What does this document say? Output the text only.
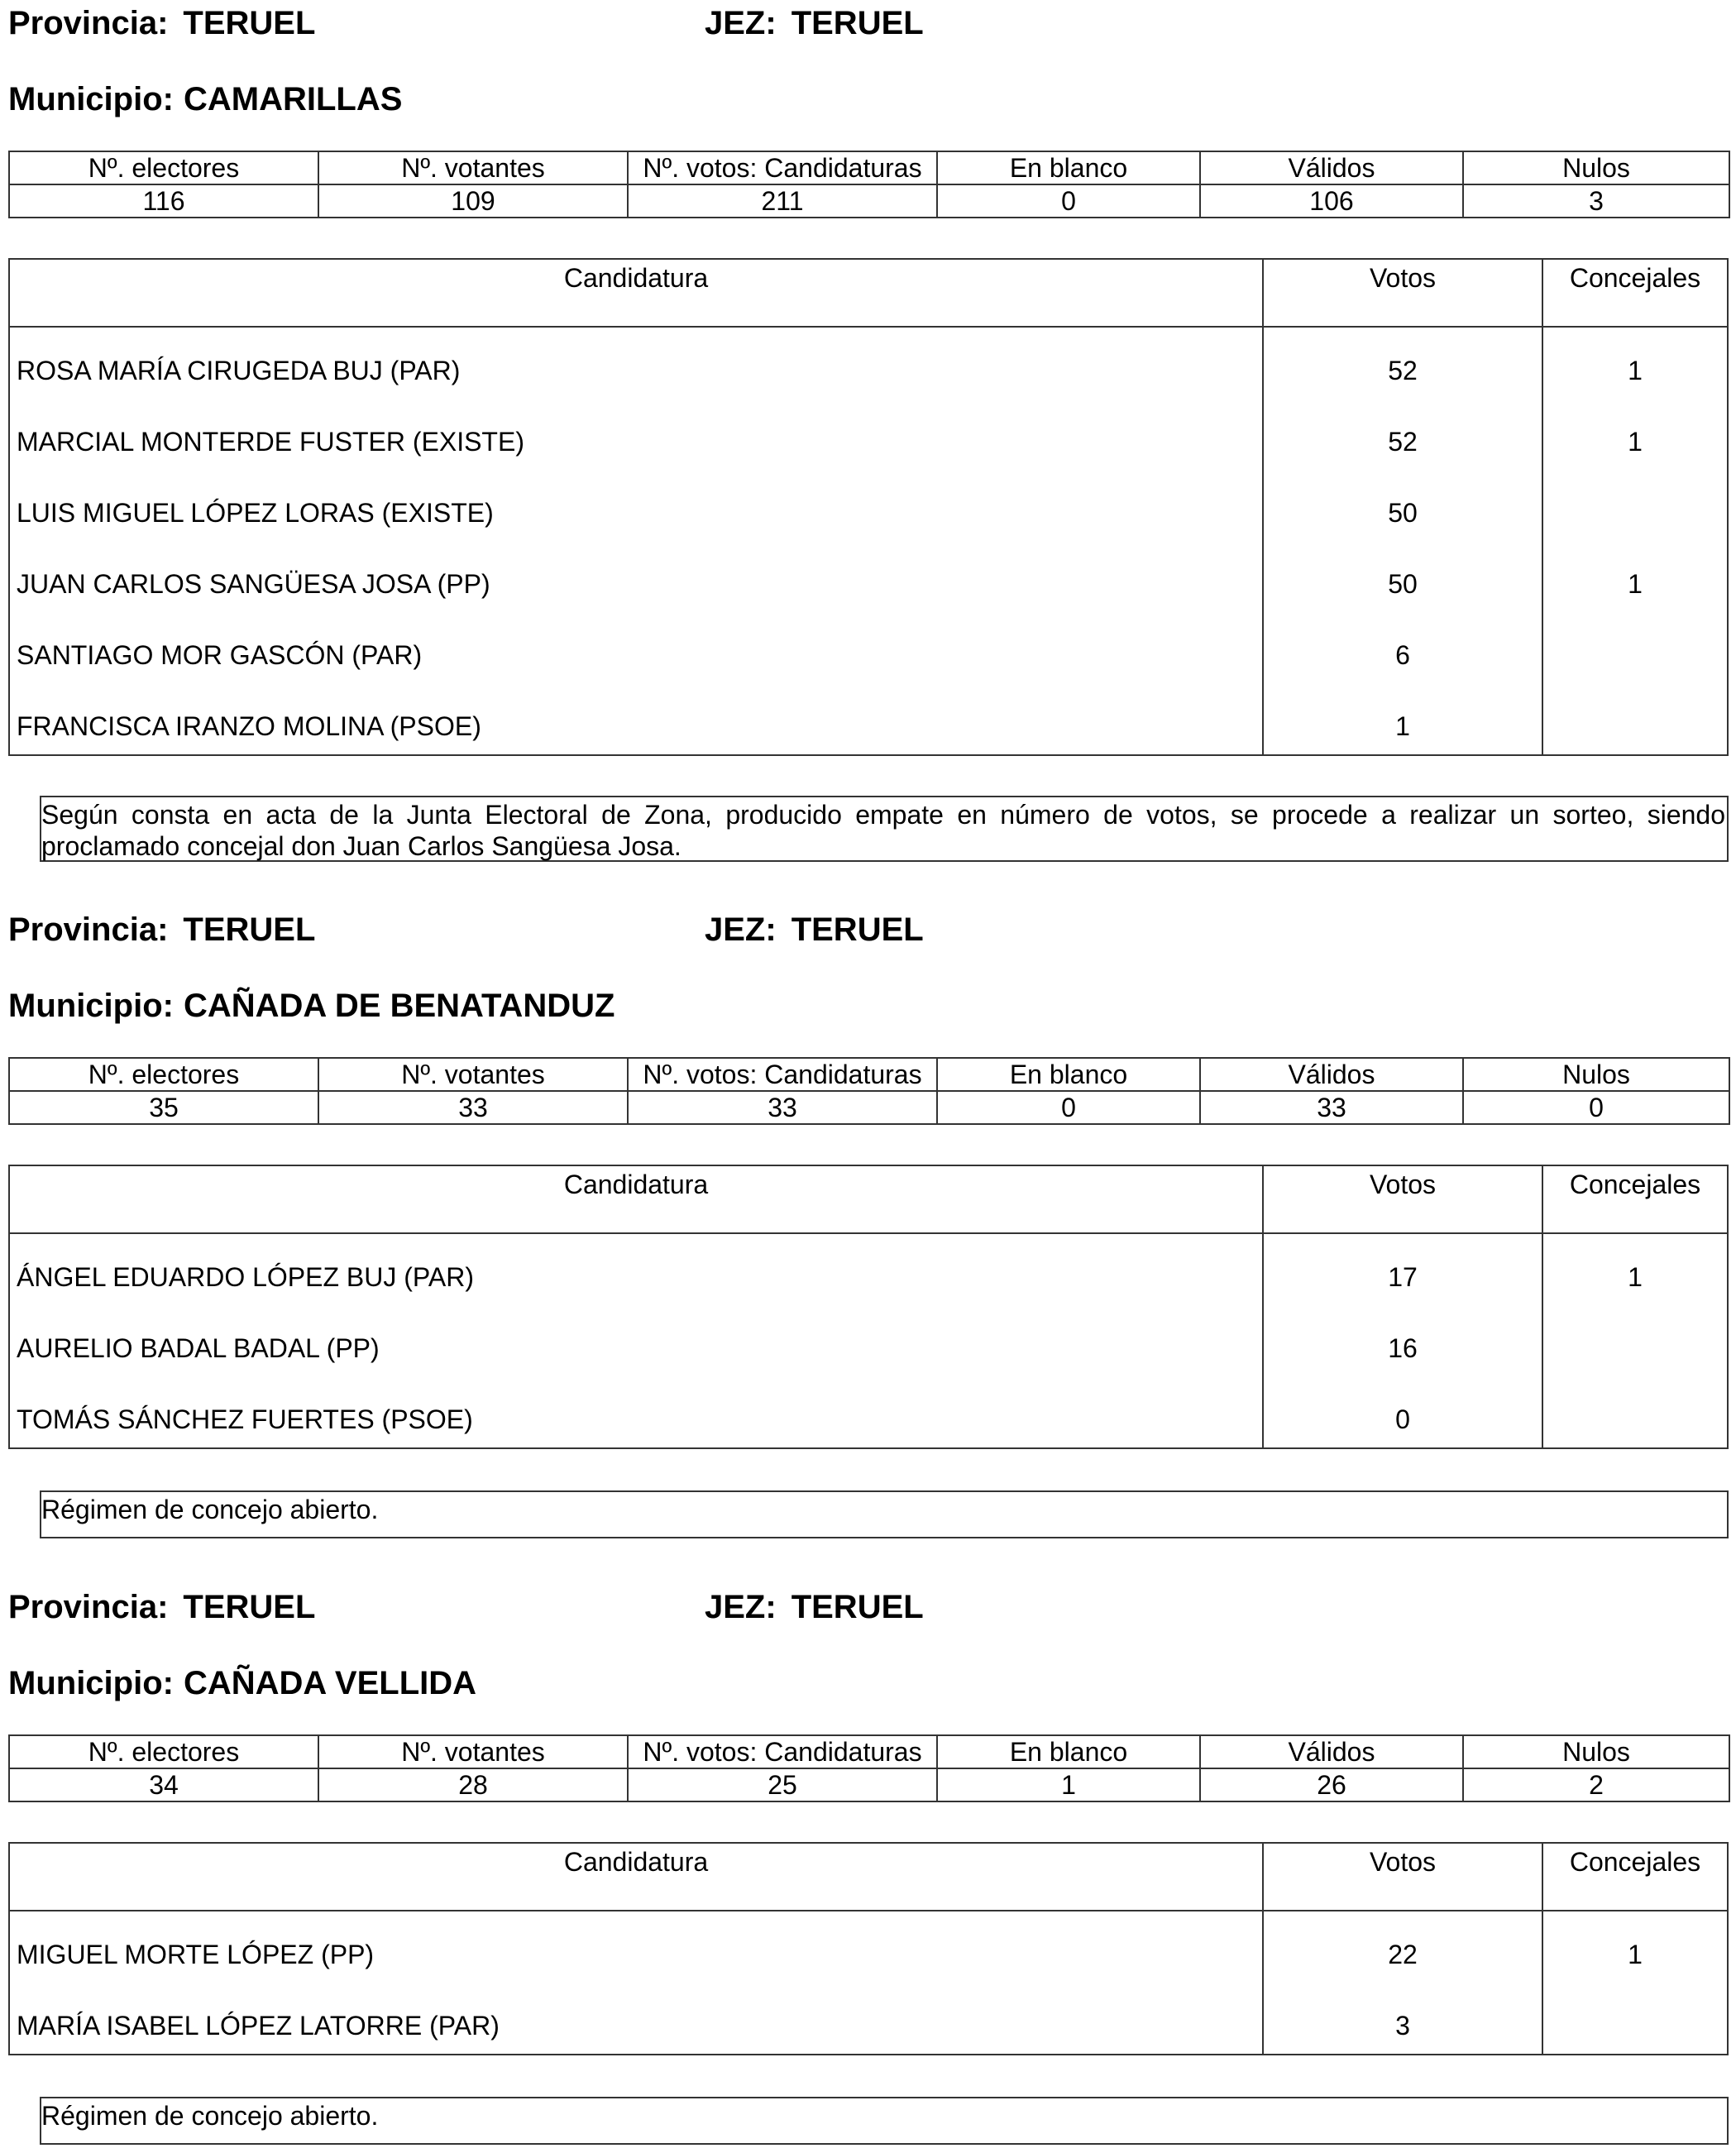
Provincia: TERUEL	JEZ: TERUEL
Municipio: CAMARILLAS
Nº. electores	Nº. votantes	Nº. votos: Candidaturas	En blanco	Válidos	Nulos
116	109	211	0	106	3
Candidatura	Votos	Concejales
ROSA MARÍA CIRUGEDA BUJ (PAR)	52	1
MARCIAL MONTERDE FUSTER (EXISTE)	52	1
LUIS MIGUEL LÓPEZ LORAS (EXISTE)	50
JUAN CARLOS SANGÜESA JOSA (PP)	50	1
SANTIAGO MOR GASCÓN (PAR)	6
FRANCISCA IRANZO MOLINA (PSOE)	1
Según consta en acta de la Junta Electoral de Zona, producido empate en número de votos, se procede a realizar un sorteo, siendo proclamado concejal don Juan Carlos Sangüesa Josa.
Provincia: TERUEL	JEZ: TERUEL
Municipio: CAÑADA DE BENATANDUZ
Nº. electores	Nº. votantes	Nº. votos: Candidaturas	En blanco	Válidos	Nulos
35	33	33	0	33	0
Candidatura	Votos	Concejales
ÁNGEL EDUARDO LÓPEZ BUJ (PAR)	17	1
AURELIO BADAL BADAL (PP)	16
TOMÁS SÁNCHEZ FUERTES (PSOE)	0
Régimen de concejo abierto.
Provincia: TERUEL	JEZ: TERUEL
Municipio: CAÑADA VELLIDA
Nº. electores	Nº. votantes	Nº. votos: Candidaturas	En blanco	Válidos	Nulos
34	28	25	1	26	2
Candidatura	Votos	Concejales
MIGUEL MORTE LÓPEZ (PP)	22	1
MARÍA ISABEL LÓPEZ LATORRE (PAR)	3
Régimen de concejo abierto.
